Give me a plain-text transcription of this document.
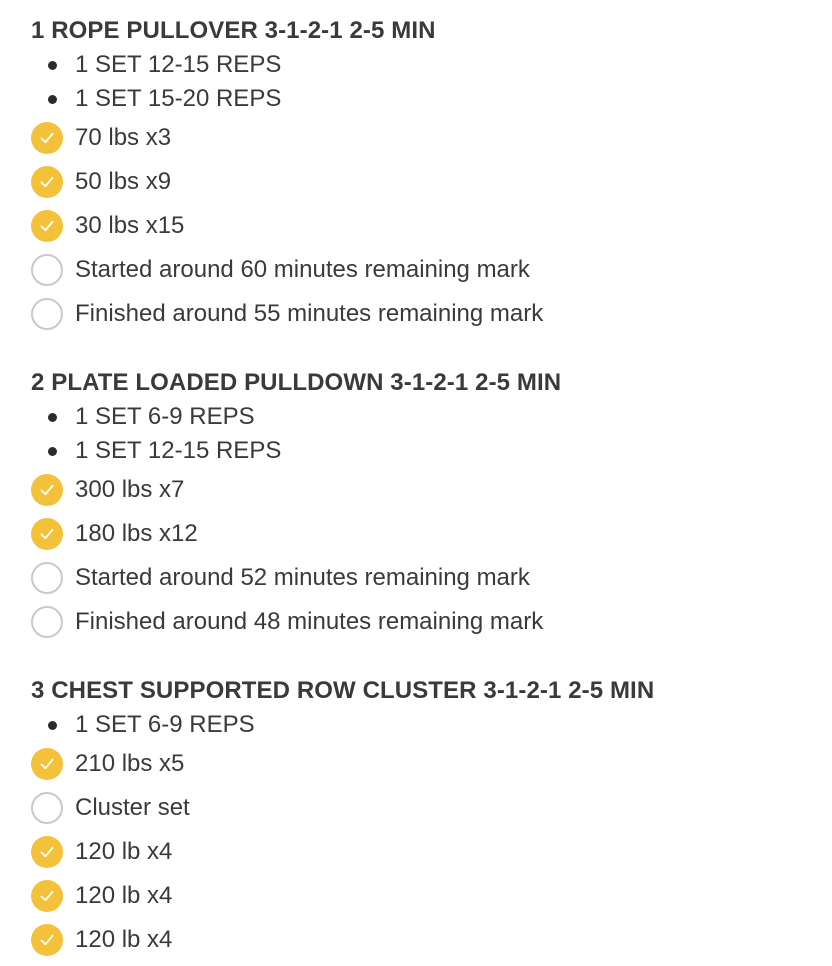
1 ROPE PULLOVER 3-1-2-1 2-5 MIN
1 SET 12-15 REPS
1 SET 15-20 REPS
70 lbs x3
50 lbs x9
30 lbs x15
Started around 60 minutes remaining mark
Finished around 55 minutes remaining mark
2 PLATE LOADED PULLDOWN 3-1-2-1 2-5 MIN
1 SET 6-9 REPS
1 SET 12-15 REPS
300 lbs x7
180 lbs x12
Started around 52 minutes remaining mark
Finished around 48 minutes remaining mark
3 CHEST SUPPORTED ROW CLUSTER 3-1-2-1 2-5 MIN
1 SET 6-9 REPS
210 lbs x5
Cluster set
120 lb x4
120 lb x4
120 lb x4
